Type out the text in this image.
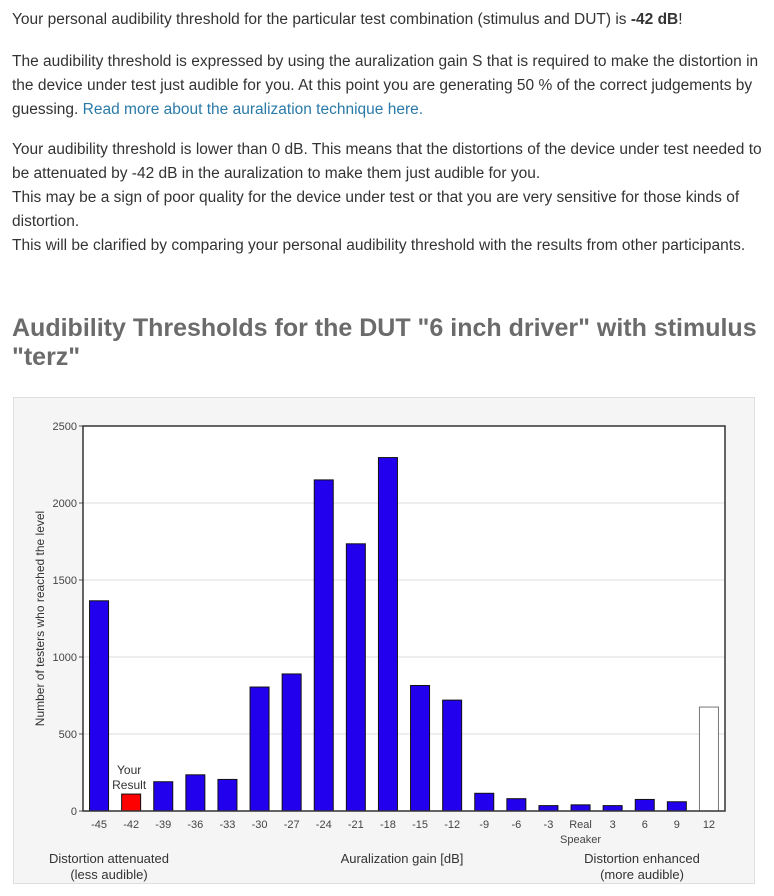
Your personal audibility threshold for the particular test combination (stimulus and DUT) is -42 dB!

The audibility threshold is expressed by using the auralization gain S that is required to make the distortion in the device under test just audible for you. At this point you are generating 50 % of the correct judgements by guessing. Read more about the auralization technique here.

Your audibility threshold is lower than 0 dB. This means that the distortions of the device under test needed to be attenuated by -42 dB in the auralization to make them just audible for you.
This may be a sign of poor quality for the device under test or that you are very sensitive for those kinds of distortion.
This will be clarified by comparing your personal audibility threshold with the results from other participants.

Audibility Thresholds for the DUT "6 inch driver" with stimulus "terz"
0
500
1000
1500
2000
2500
-45 -42
Your
Result
-39 -36 -33 -30 -27 -24 -21 -18 -15 -12 -9 -6 -3 Real
Speaker
3 6 9 12
Number of testers who reached the level
Distortion attenuated
(less audible)
Auralization gain [dB]	Distortion enhanced
(more audible)
